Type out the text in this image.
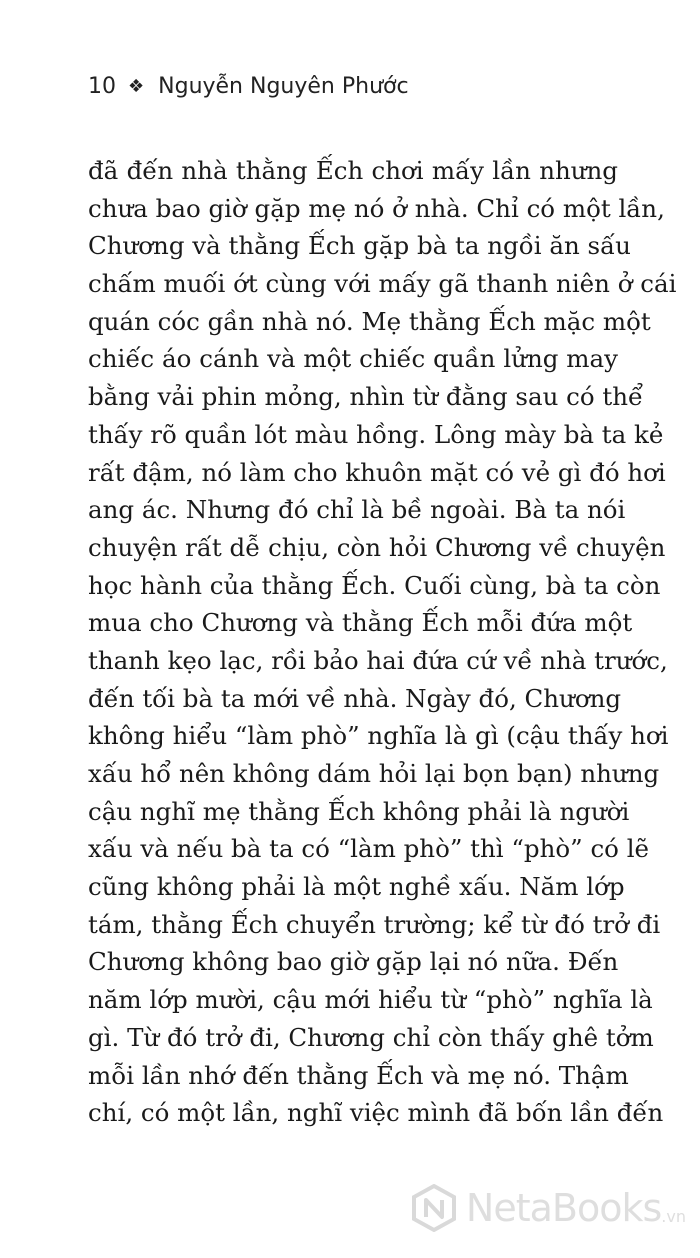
10 ❖ Nguyễn Nguyên Phước
đã đến nhà thằng Ếch chơi mấy lần nhưng
chưa bao giờ gặp mẹ nó ở nhà. Chỉ có một lần,
Chương và thằng Ếch gặp bà ta ngồi ăn sấu
chấm muối ớt cùng với mấy gã thanh niên ở cái
quán cóc gần nhà nó. Mẹ thằng Ếch mặc một
chiếc áo cánh và một chiếc quần lửng may
bằng vải phin mỏng, nhìn từ đằng sau có thể
thấy rõ quần lót màu hồng. Lông mày bà ta kẻ
rất đậm, nó làm cho khuôn mặt có vẻ gì đó hơi
ang ác. Nhưng đó chỉ là bề ngoài. Bà ta nói
chuyện rất dễ chịu, còn hỏi Chương về chuyện
học hành của thằng Ếch. Cuối cùng, bà ta còn
mua cho Chương và thằng Ếch mỗi đứa một
thanh kẹo lạc, rồi bảo hai đứa cứ về nhà trước,
đến tối bà ta mới về nhà. Ngày đó, Chương
không hiểu “làm phò” nghĩa là gì (cậu thấy hơi
xấu hổ nên không dám hỏi lại bọn bạn) nhưng
cậu nghĩ mẹ thằng Ếch không phải là người
xấu và nếu bà ta có “làm phò” thì “phò” có lẽ
cũng không phải là một nghề xấu. Năm lớp
tám, thằng Ếch chuyển trường; kể từ đó trở đi
Chương không bao giờ gặp lại nó nữa. Đến
năm lớp mười, cậu mới hiểu từ “phò” nghĩa là
gì. Từ đó trở đi, Chương chỉ còn thấy ghê tởm
mỗi lần nhớ đến thằng Ếch và mẹ nó. Thậm
chí, có một lần, nghĩ việc mình đã bốn lần đến
NetaBooks .vn
